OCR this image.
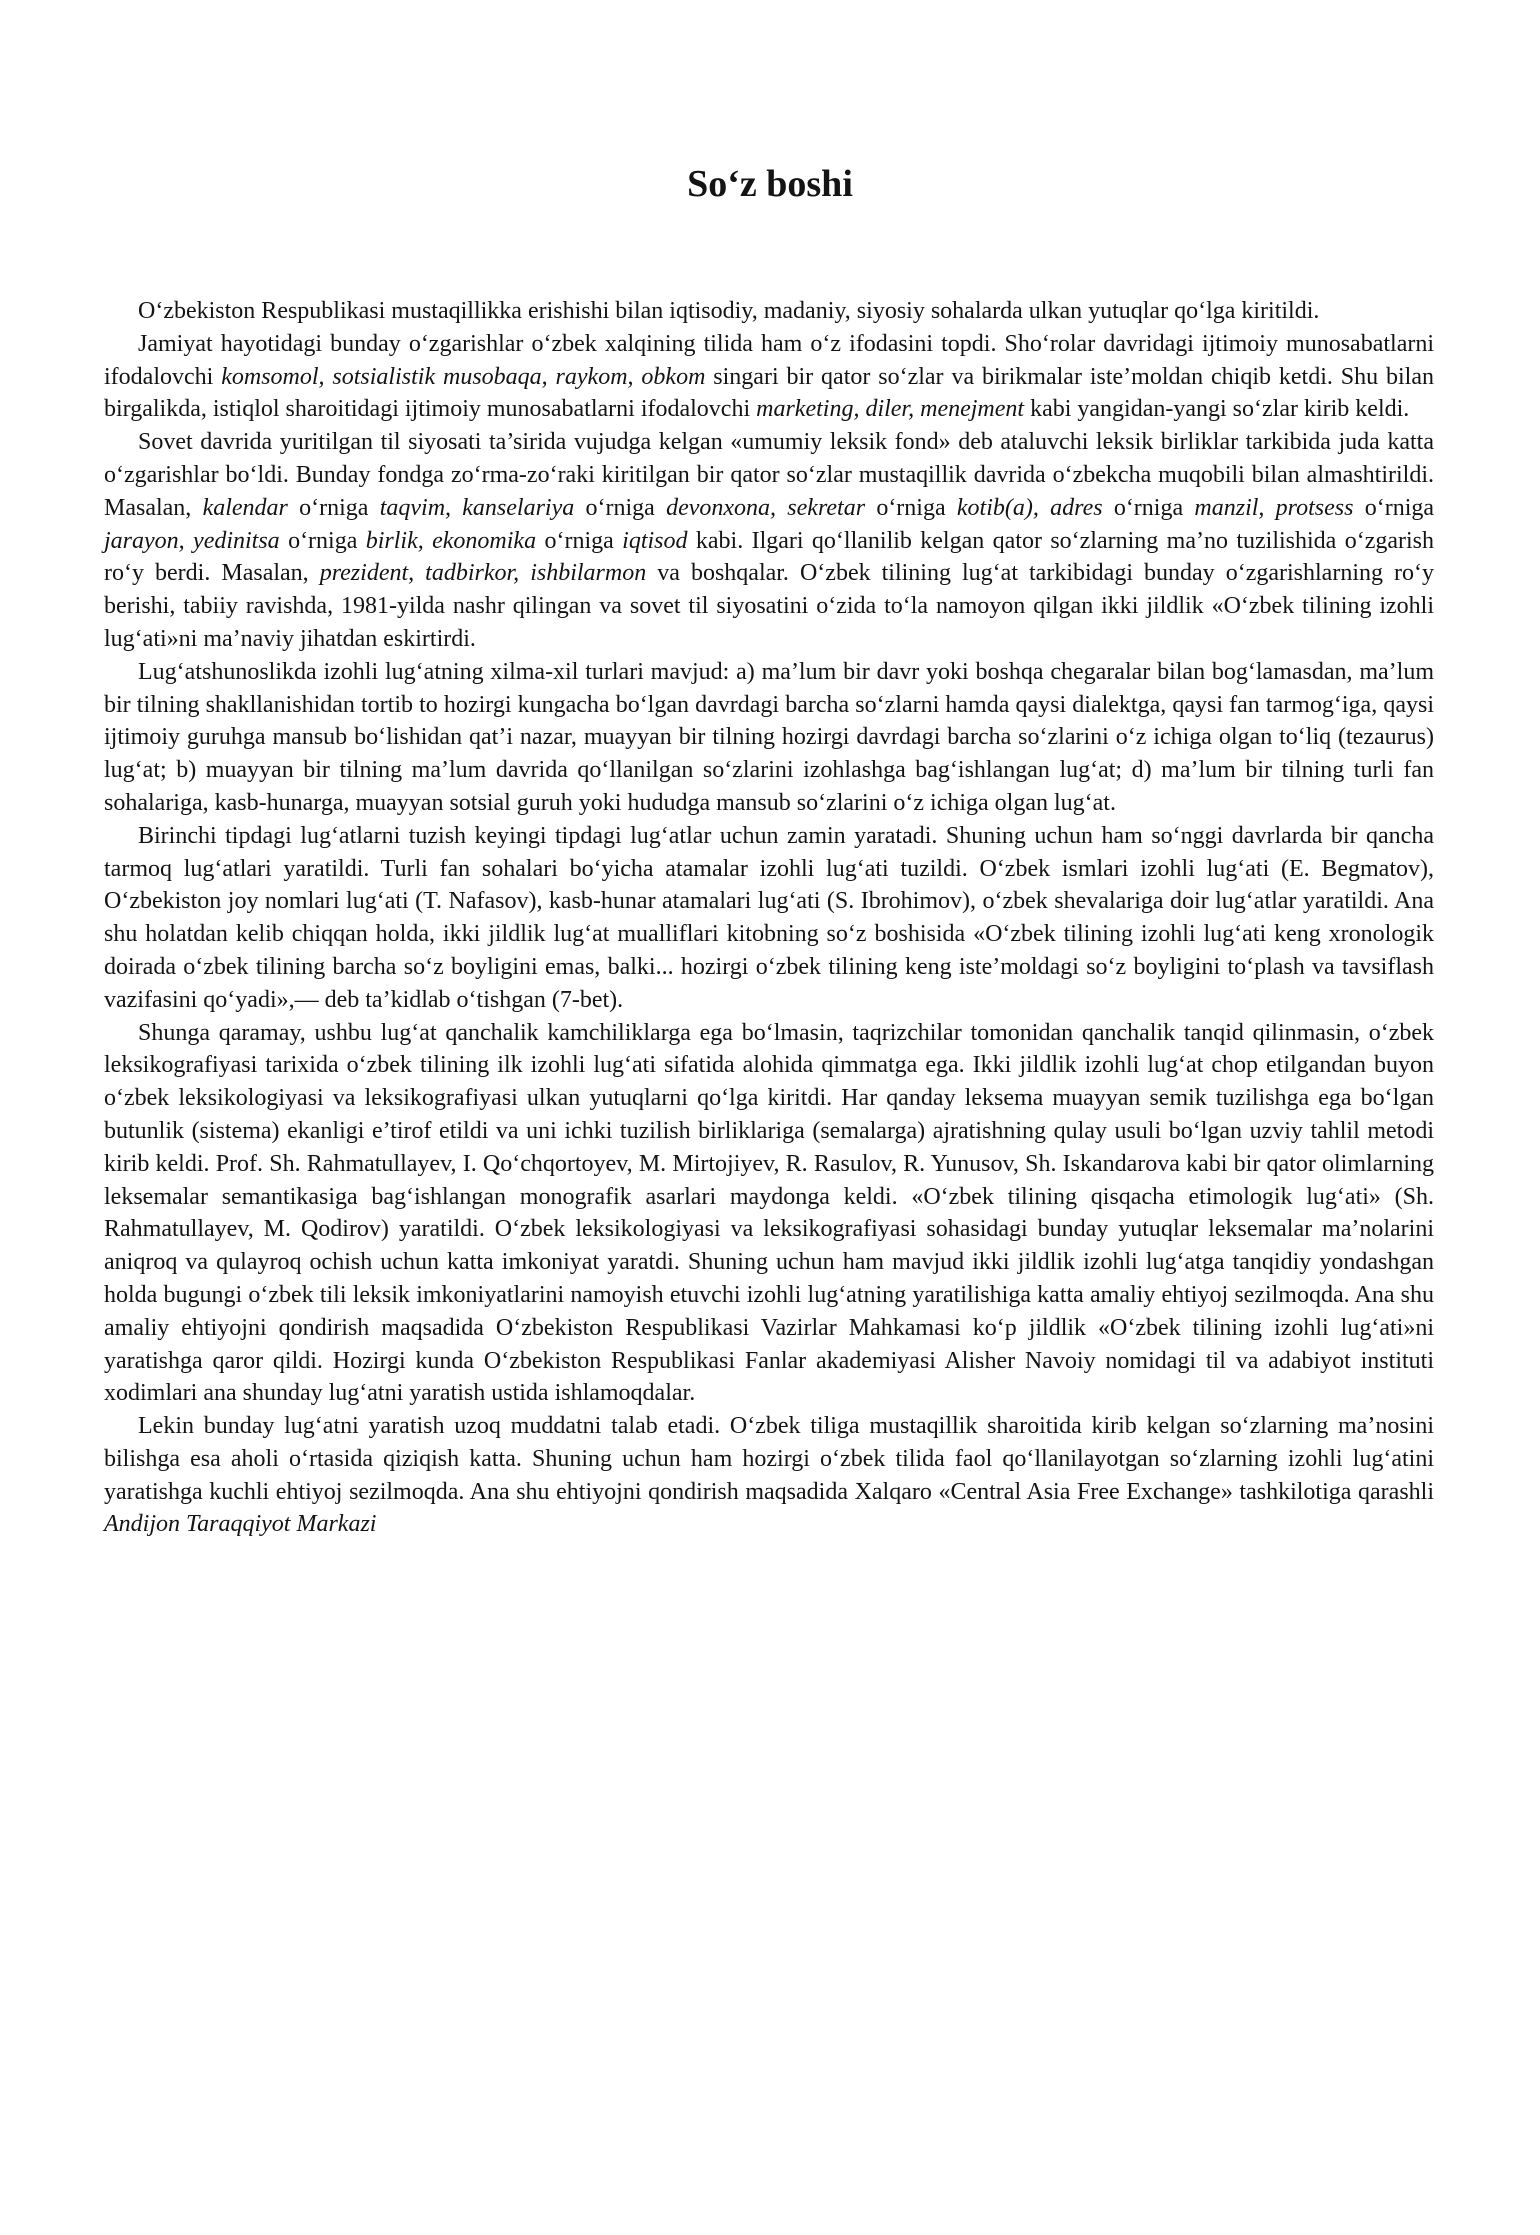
So‘z boshi

O‘zbekiston Respublikasi mustaqillikka erishishi bilan iqtisodiy, madaniy, siyosiy sohalarda ulkan yutuqlar qo‘lga kiritildi.

Jamiyat hayotidagi bunday o‘zgarishlar o‘zbek xalqining tilida ham o‘z ifodasini topdi. Sho‘rolar davridagi ijtimoiy munosabatlarni ifodalovchi komsomol, sotsialistik musobaqa, raykom, obkom singari bir qator so‘zlar va birikmalar iste’moldan chiqib ketdi. Shu bilan birgalikda, istiqlol sharoitidagi ijtimoiy munosabatlarni ifodalovchi marketing, diler, menejment kabi yangidan-yangi so‘zlar kirib keldi.

Sovet davrida yuritilgan til siyosati ta’sirida vujudga kelgan «umumiy leksik fond» deb ataluvchi leksik birliklar tarkibida juda katta o‘zgarishlar bo‘ldi. Bunday fondga zo‘rma-zo‘raki kiritilgan bir qator so‘zlar mustaqillik davrida o‘zbekcha muqobili bilan almashtirildi. Masalan, kalendar o‘rniga taqvim, kanselariya o‘rniga devonxona, sekretar o‘rniga kotib(a), adres o‘rniga manzil, protsess o‘rniga jarayon, yedinitsa o‘rniga birlik, ekonomika o‘rniga iqtisod kabi. Ilgari qo‘llanilib kelgan qator so‘zlarning ma’no tuzilishida o‘zgarish ro‘y berdi. Masalan, prezident, tadbirkor, ishbilarmon va boshqalar. O‘zbek tilining lug‘at tarkibidagi bunday o‘zgarishlarning ro‘y berishi, tabiiy ravishda, 1981-yilda nashr qilingan va sovet til siyosatini o‘zida to‘la namoyon qilgan ikki jildlik «O‘zbek tilining izohli lug‘ati»ni ma’naviy jihatdan eskirtirdi.

Lug‘atshunoslikda izohli lug‘atning xilma-xil turlari mavjud: a) ma’lum bir davr yoki boshqa chegaralar bilan bog‘lamasdan, ma’lum bir tilning shakllanishidan tortib to hozirgi kungacha bo‘lgan davrdagi barcha so‘zlarni hamda qaysi dialektga, qaysi fan tarmog‘iga, qaysi ijtimoiy guruhga mansub bo‘lishidan qat’i nazar, muayyan bir tilning hozirgi davrdagi barcha so‘zlarini o‘z ichiga olgan to‘liq (tezaurus) lug‘at; b) muayyan bir tilning ma’lum davrida qo‘llanilgan so‘zlarini izohlashga bag‘ishlangan lug‘at; d) ma’lum bir tilning turli fan sohalariga, kasb-hunarga, muayyan sotsial guruh yoki hududga mansub so‘zlarini o‘z ichiga olgan lug‘at.

Birinchi tipdagi lug‘atlarni tuzish keyingi tipdagi lug‘atlar uchun zamin yaratadi. Shuning uchun ham so‘nggi davrlarda bir qancha tarmoq lug‘atlari yaratildi. Turli fan sohalari bo‘yicha atamalar izohli lug‘ati tuzildi. O‘zbek ismlari izohli lug‘ati (E. Begmatov), O‘zbekiston joy nomlari lug‘ati (T. Nafasov), kasb-hunar atamalari lug‘ati (S. Ibrohimov), o‘zbek shevalariga doir lug‘atlar yaratildi. Ana shu holatdan kelib chiqqan holda, ikki jildlik lug‘at mualliflari kitobning so‘z boshisida «O‘zbek tilining izohli lug‘ati keng xronologik doirada o‘zbek tilining barcha so‘z boyligini emas, balki... hozirgi o‘zbek tilining keng iste’moldagi so‘z boyligini to‘plash va tavsiflash vazifasini qo‘yadi»,— deb ta’kidlab o‘tishgan (7-bet).

Shunga qaramay, ushbu lug‘at qanchalik kamchiliklarga ega bo‘lmasin, taqrizchilar tomonidan qanchalik tanqid qilinmasin, o‘zbek leksikografiyasi tarixida o‘zbek tilining ilk izohli lug‘ati sifatida alohida qimmatga ega. Ikki jildlik izohli lug‘at chop etilgandan buyon o‘zbek leksikologiyasi va leksikografiyasi ulkan yutuqlarni qo‘lga kiritdi. Har qanday leksema muayyan semik tuzilishga ega bo‘lgan butunlik (sistema) ekanligi e’tirof etildi va uni ichki tuzilish birliklariga (semalarga) ajratishning qulay usuli bo‘lgan uzviy tahlil metodi kirib keldi. Prof. Sh. Rahmatullayev, I. Qo‘chqortoyev, M. Mirtojiyev, R. Rasulov, R. Yunusov, Sh. Iskandarova kabi bir qator olimlarning leksemalar semantikasiga bag‘ishlangan monografik asarlari maydonga keldi. «O‘zbek tilining qisqacha etimologik lug‘ati» (Sh. Rahmatullayev, M. Qodirov) yaratildi. O‘zbek leksikologiyasi va leksikografiyasi sohasidagi bunday yutuqlar leksemalar ma’nolarini aniqroq va qulayroq ochish uchun katta imkoniyat yaratdi. Shuning uchun ham mavjud ikki jildlik izohli lug‘atga tanqidiy yondashgan holda bugungi o‘zbek tili leksik imkoniyatlarini namoyish etuvchi izohli lug‘atning yaratilishiga katta amaliy ehtiyoj sezilmoqda. Ana shu amaliy ehtiyojni qondirish maqsadida O‘zbekiston Respublikasi Vazirlar Mahkamasi ko‘p jildlik «O‘zbek tilining izohli lug‘ati»ni yaratishga qaror qildi. Hozirgi kunda O‘zbekiston Respublikasi Fanlar akademiyasi Alisher Navoiy nomidagi til va adabiyot instituti xodimlari ana shunday lug‘atni yaratish ustida ishlamoqdalar.

Lekin bunday lug‘atni yaratish uzoq muddatni talab etadi. O‘zbek tiliga mustaqillik sharoitida kirib kelgan so‘zlarning ma’nosini bilishga esa aholi o‘rtasida qiziqish katta. Shuning uchun ham hozirgi o‘zbek tilida faol qo‘llanilayotgan so‘zlarning izohli lug‘atini yaratishga kuchli ehtiyoj sezilmoqda. Ana shu ehtiyojni qondirish maqsadida Xalqaro «Central Asia Free Exchange» tashkilotiga qarashli Andijon Taraqqiyot Markazi
